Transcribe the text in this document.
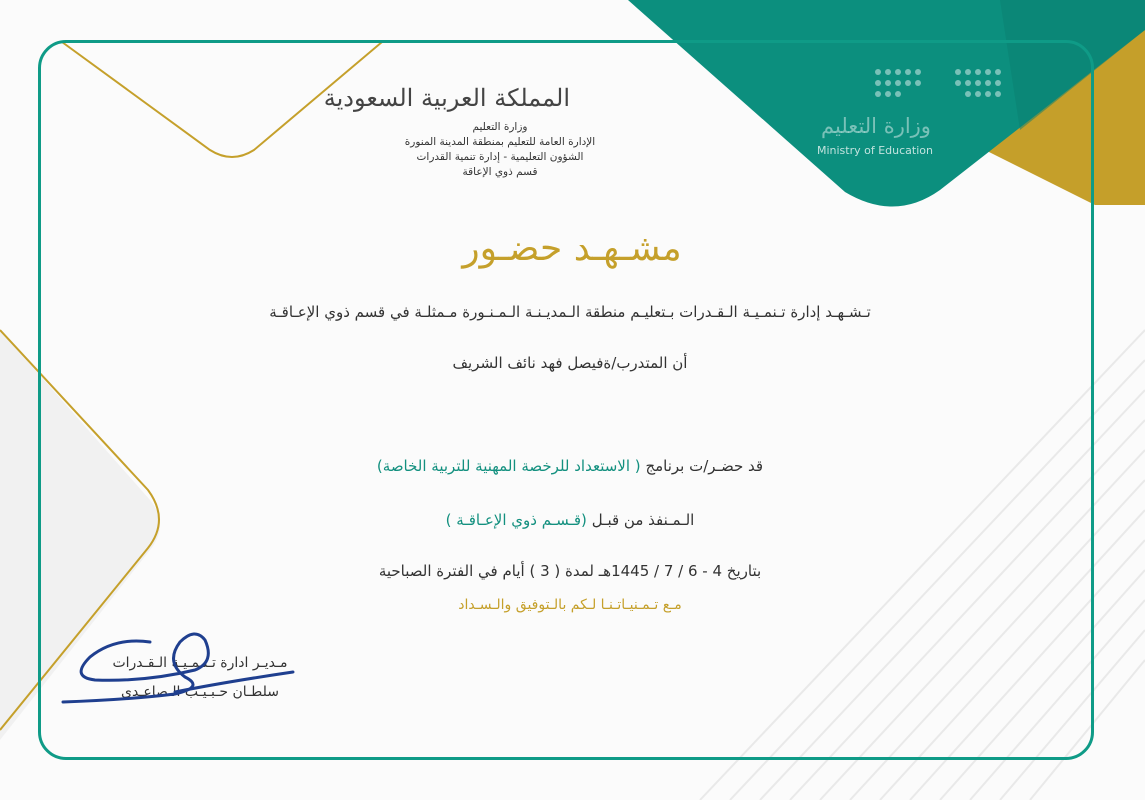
وزارة التعليم
Ministry of Education
المملكة العربية السعودية
وزارة التعليم
الإدارة العامة للتعليم بمنطقة المدينة المنورة
الشؤون التعليمية - إدارة تنمية القدرات
قسم ذوي الإعاقة
مشـهـد حضـور
تـشـهـد إدارة تـنمـيـة الـقـدرات بـتعليـم منطقة الـمديـنـة الـمـنـورة مـمثلـة في قسم ذوي الإعـاقـة
أن المتدرب/ةفيصل فهد نائف الشريف
قد حضـر/ت برنامج ( الاستعداد للرخصة المهنية للتربية الخاصة)
الـمـنفذ من قبـل (قـسـم ذوي الإعـاقـة )
بتاريخ 4 - 6 / 7 / 1445هـ لمدة ( 3 ) أيام في الفترة الصباحية
مـع تـمـنيـاتـنـا لـكم بالـتوفيق والـسـداد
مـديـر ادارة تـنـمـيـة الـقـدرات
سلطـان حـبـيـب الـصاعـدي
